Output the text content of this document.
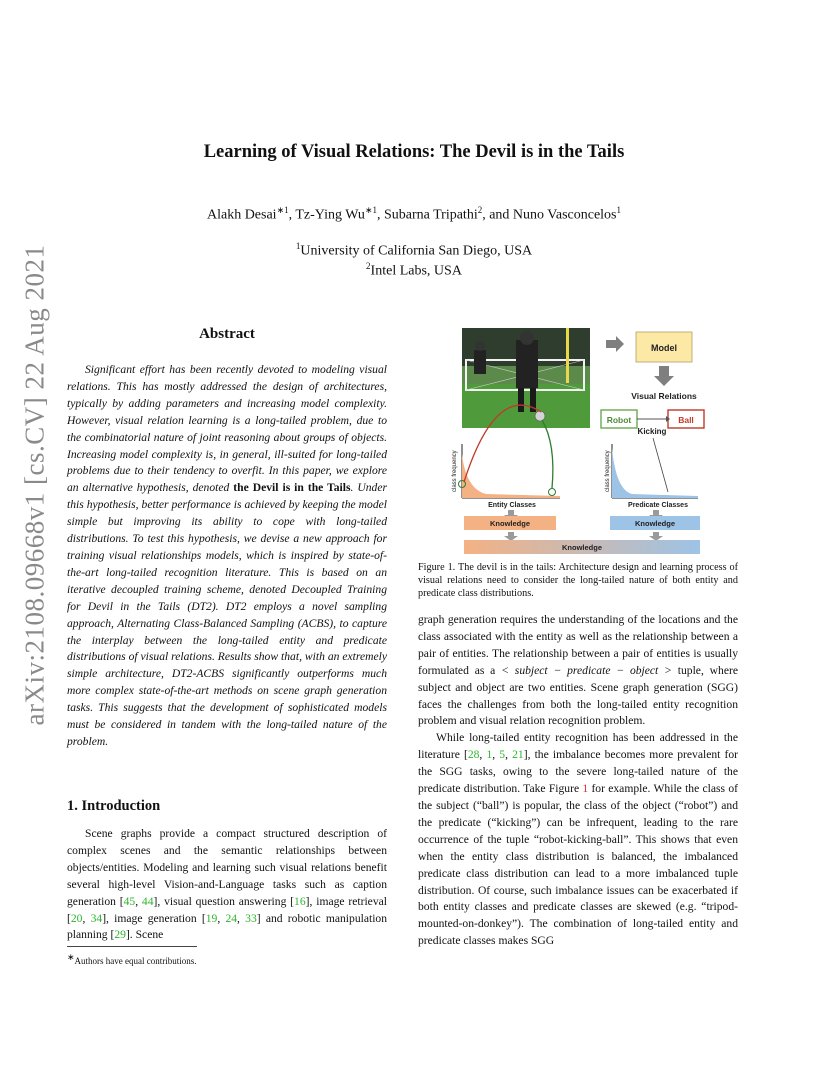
arXiv:2108.09668v1 [cs.CV] 22 Aug 2021
Learning of Visual Relations: The Devil is in the Tails
Alakh Desai$^{∗1}$, Tz-Ying $Wu^{∗1}$, Subarna Tripathi$^2$, and Nuno Vasconcelos$^1$
$^1$University of California San Diego, USA
$^2$Intel Labs, USA
Abstract

Significant effort has been recently devoted to modeling visual relations. This has mostly addressed the design of architectures, typically by adding parameters and increasing model complexity. However, visual relation learning is a long-tailed problem, due to the combinatorial nature of joint reasoning about groups of objects. Increasing model complexity is, in general, ill-suited for long-tailed problems due to their tendency to overfit. In this paper, we explore an alternative hypothesis, denoted the Devil is in the Tails. Under this hypothesis, better performance is achieved by keeping the model simple but improving its ability to cope with long-tailed distributions. To test this hypothesis, we devise a new approach for training visual relationships models, which is inspired by state-of-the-art long-tailed recognition literature. This is based on an iterative decoupled training scheme, denoted Decoupled Training for Devil in the Tails (DT2). DT2 employs a novel sampling approach, Alternating Class-Balanced Sampling (ACBS), to capture the interplay between the long-tailed entity and predicate distributions of visual relations. Results show that, with an extremely simple architecture, DT2-ACBS significantly outperforms much more complex state-of-the-art methods on scene graph generation tasks. This suggests that the development of sophisticated models must be considered in tandem with the long-tailed nature of the problem.

1. Introduction

Scene graphs provide a compact structured description of complex scenes and the semantic relationships between objects/entities. Modeling and learning such visual relations benefit several high-level Vision-and-Language tasks such as caption generation [45, 44], visual question answering [16], image retrieval [20, 34], image generation [19, 24, 33] and robotic manipulation planning [29]. Scene

∗Authors have equal contributions.
Model
Visual Relations
Robot	Ball
Kicking
class frequency
Entity Classes
class frequency
Predicate Classes
Knowledge	Knowledge
Knowledge
Figure 1. The devil is in the tails: Architecture design and learning process of visual relations need to consider the long-tailed nature of both entity and predicate class distributions.

graph generation requires the understanding of the locations and the class associated with the entity as well as the relationship between a pair of entities. The relationship between a pair of entities is usually formulated as a < subject − predicate − object > tuple, where subject and object are two entities. Scene graph generation (SGG) faces the challenges from both the long-tailed entity recognition problem and visual relation recognition problem.

While long-tailed entity recognition has been addressed in the literature [28, 1, 5, 21], the imbalance becomes more prevalent for the SGG tasks, owing to the severe long-tailed nature of the predicate distribution. Take Figure 1 for example. While the class of the subject (“ball”) is popular, the class of the object (“robot”) and the predicate (“kicking”) can be infrequent, leading to the rare occurrence of the tuple “robot-kicking-ball”. This shows that even when the entity class distribution is balanced, the imbalanced predicate class distribution can lead to a more imbalanced tuple distribution. Of course, such imbalance issues can be exacerbated if both entity classes and predicate classes are skewed (e.g. “tripod-mounted-on-donkey”). The combination of long-tailed entity and predicate classes makes SGG
